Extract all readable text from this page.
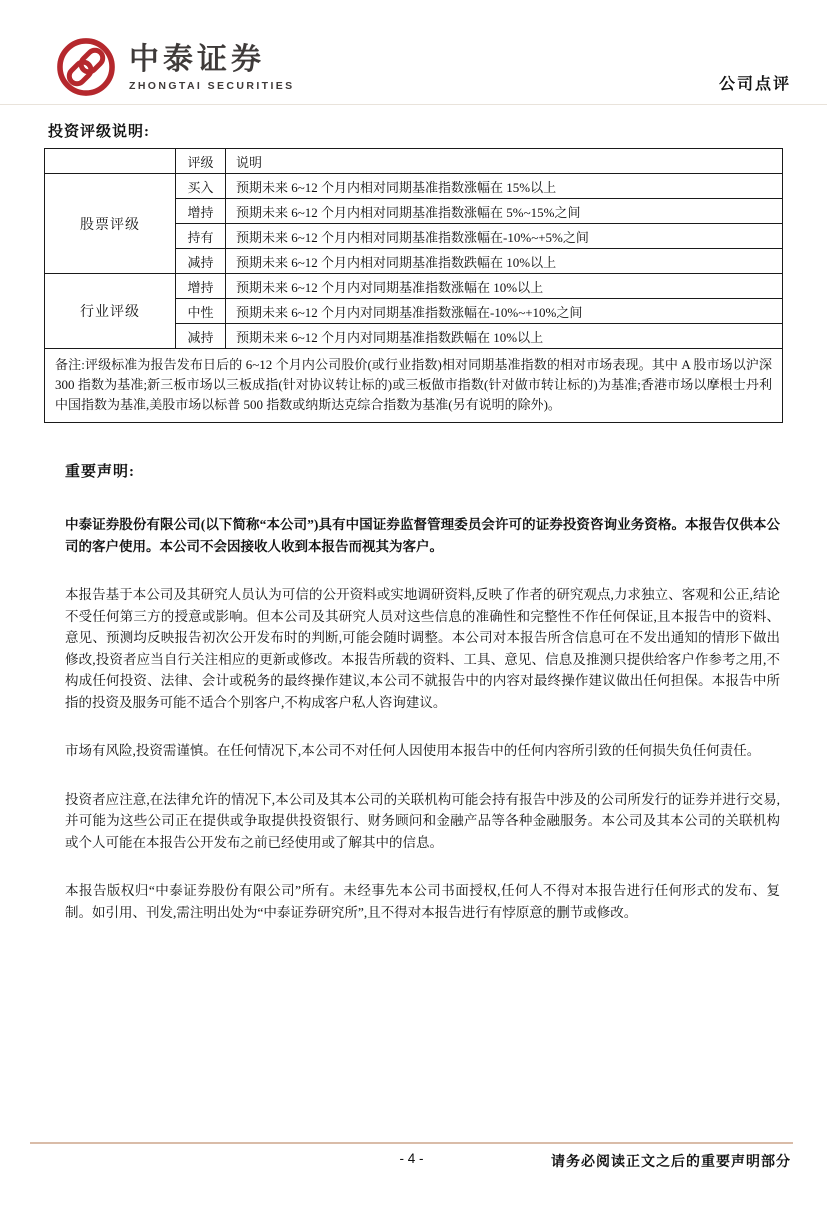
中泰证券
ZHONGTAI SECURITIES	公司点评
投资评级说明:
	评级	说明
股票评级	买入	预期未来 6~12 个月内相对同期基准指数涨幅在 15%以上
	增持	预期未来 6~12 个月内相对同期基准指数涨幅在 5%~15%之间
	持有	预期未来 6~12 个月内相对同期基准指数涨幅在-10%~+5%之间
	减持	预期未来 6~12 个月内相对同期基准指数跌幅在 10%以上
行业评级	增持	预期未来 6~12 个月内对同期基准指数涨幅在 10%以上
	中性	预期未来 6~12 个月内对同期基准指数涨幅在-10%~+10%之间
	减持	预期未来 6~12 个月内对同期基准指数跌幅在 10%以上
备注:评级标准为报告发布日后的 6~12 个月内公司股价(或行业指数)相对同期基准指数的相对市场表现。其中 A 股市场以沪深 300 指数为基准;新三板市场以三板成指(针对协议转让标的)或三板做市指数(针对做市转让标的)为基准;香港市场以摩根士丹利中国指数为基准,美股市场以标普 500 指数或纳斯达克综合指数为基准(另有说明的除外)。		
重要声明:

中泰证券股份有限公司(以下简称“本公司”)具有中国证券监督管理委员会许可的证券投资咨询业务资格。本报告仅供本公司的客户使用。本公司不会因接收人收到本报告而视其为客户。

本报告基于本公司及其研究人员认为可信的公开资料或实地调研资料,反映了作者的研究观点,力求独立、客观和公正,结论不受任何第三方的授意或影响。但本公司及其研究人员对这些信息的准确性和完整性不作任何保证,且本报告中的资料、意见、预测均反映报告初次公开发布时的判断,可能会随时调整。本公司对本报告所含信息可在不发出通知的情形下做出修改,投资者应当自行关注相应的更新或修改。本报告所载的资料、工具、意见、信息及推测只提供给客户作参考之用,不构成任何投资、法律、会计或税务的最终操作建议,本公司不就报告中的内容对最终操作建议做出任何担保。本报告中所指的投资及服务可能不适合个别客户,不构成客户私人咨询建议。

市场有风险,投资需谨慎。在任何情况下,本公司不对任何人因使用本报告中的任何内容所引致的任何损失负任何责任。

投资者应注意,在法律允许的情况下,本公司及其本公司的关联机构可能会持有报告中涉及的公司所发行的证券并进行交易,并可能为这些公司正在提供或争取提供投资银行、财务顾问和金融产品等各种金融服务。本公司及其本公司的关联机构或个人可能在本报告公开发布之前已经使用或了解其中的信息。

本报告版权归“中泰证券股份有限公司”所有。未经事先本公司书面授权,任何人不得对本报告进行任何形式的发布、复制。如引用、刊发,需注明出处为“中泰证券研究所”,且不得对本报告进行有悖原意的删节或修改。

- 4 -	请务必阅读正文之后的重要声明部分
